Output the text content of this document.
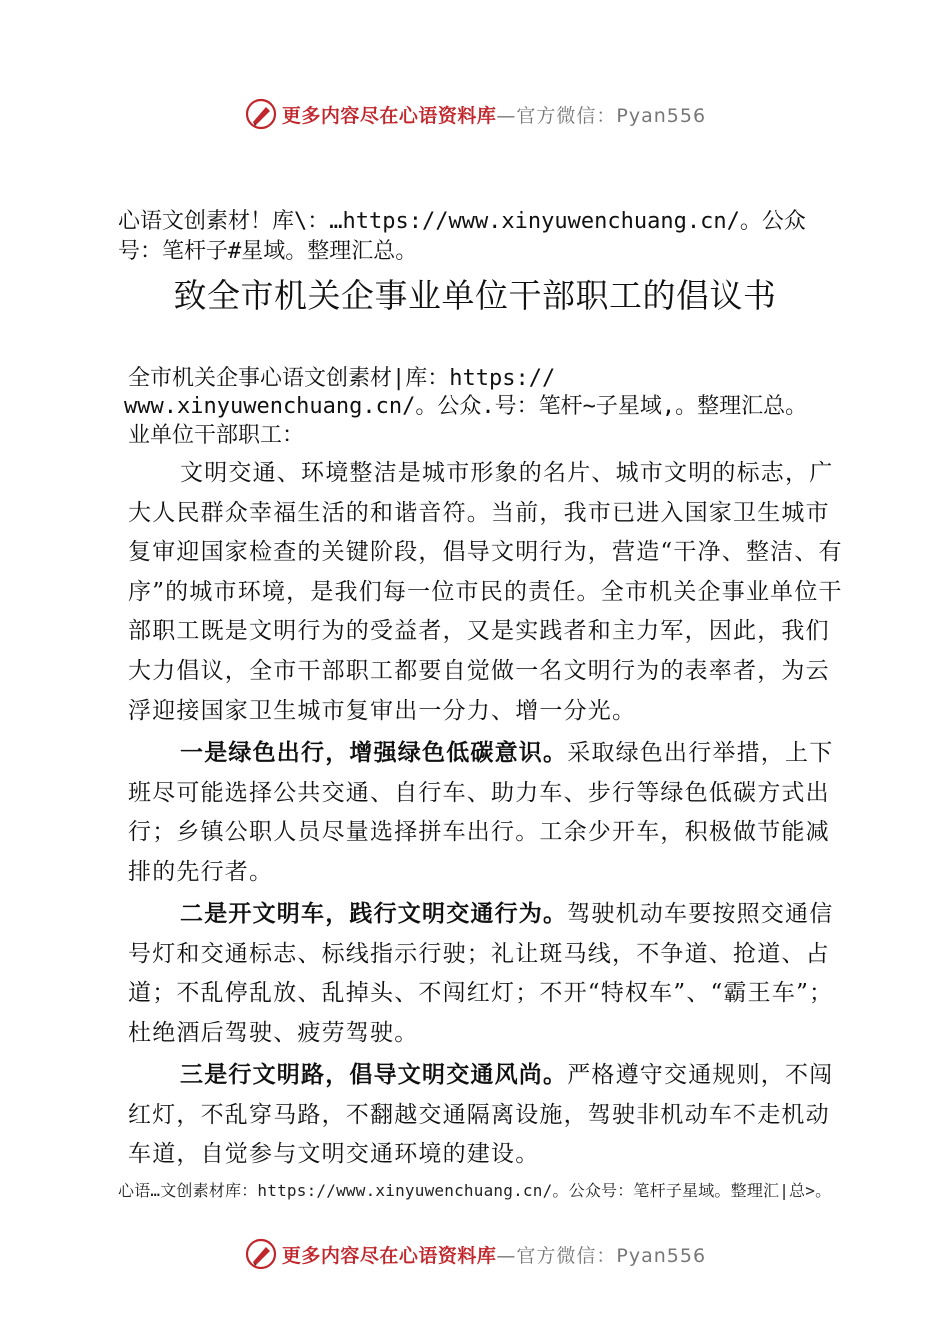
更多内容尽在心语资料库 —官方微信：Pyan556
心语文创素材！库\：…https://www.xinyuwenchuang.cn/。公众
号：笔杆子#星域。整理汇总。
致全市机关企事业单位干部职工的倡议书
全市机关企事心语文创素材|库：https://
www.xinyuwenchuang.cn/。公众.号：笔杆~子星域,。整理汇总。
业单位干部职工：
文明交通、环境整洁是城市形象的名片、城市文明的标志，广大人民群众幸福生活的和谐音符。当前，我市已进入国家卫生城市复审迎国家检查的关键阶段，倡导文明行为，营造“干净、整洁、有序”的城市环境，是我们每一位市民的责任。全市机关企事业单位干部职工既是文明行为的受益者，又是实践者和主力军，因此，我们大力倡议，全市干部职工都要自觉做一名文明行为的表率者，为云浮迎接国家卫生城市复审出一分力、增一分光。
一是绿色出行，增强绿色低碳意识。采取绿色出行举措，上下班尽可能选择公共交通、自行车、助力车、步行等绿色低碳方式出行；乡镇公职人员尽量选择拼车出行。工余少开车，积极做节能减排的先行者。
二是开文明车，践行文明交通行为。驾驶机动车要按照交通信号灯和交通标志、标线指示行驶；礼让斑马线，不争道、抢道、占道；不乱停乱放、乱掉头、不闯红灯；不开“特权车”、“霸王车”； 杜绝酒后驾驶、疲劳驾驶。
三是行文明路，倡导文明交通风尚。严格遵守交通规则，不闯红灯，不乱穿马路，不翻越交通隔离设施，驾驶非机动车不走机动车道，自觉参与文明交通环境的建设。
心语…文创素材库：https://www.xinyuwenchuang.cn/。公众号：笔杆子星域。整理汇|总>。
更多内容尽在心语资料库 —官方微信：Pyan556
